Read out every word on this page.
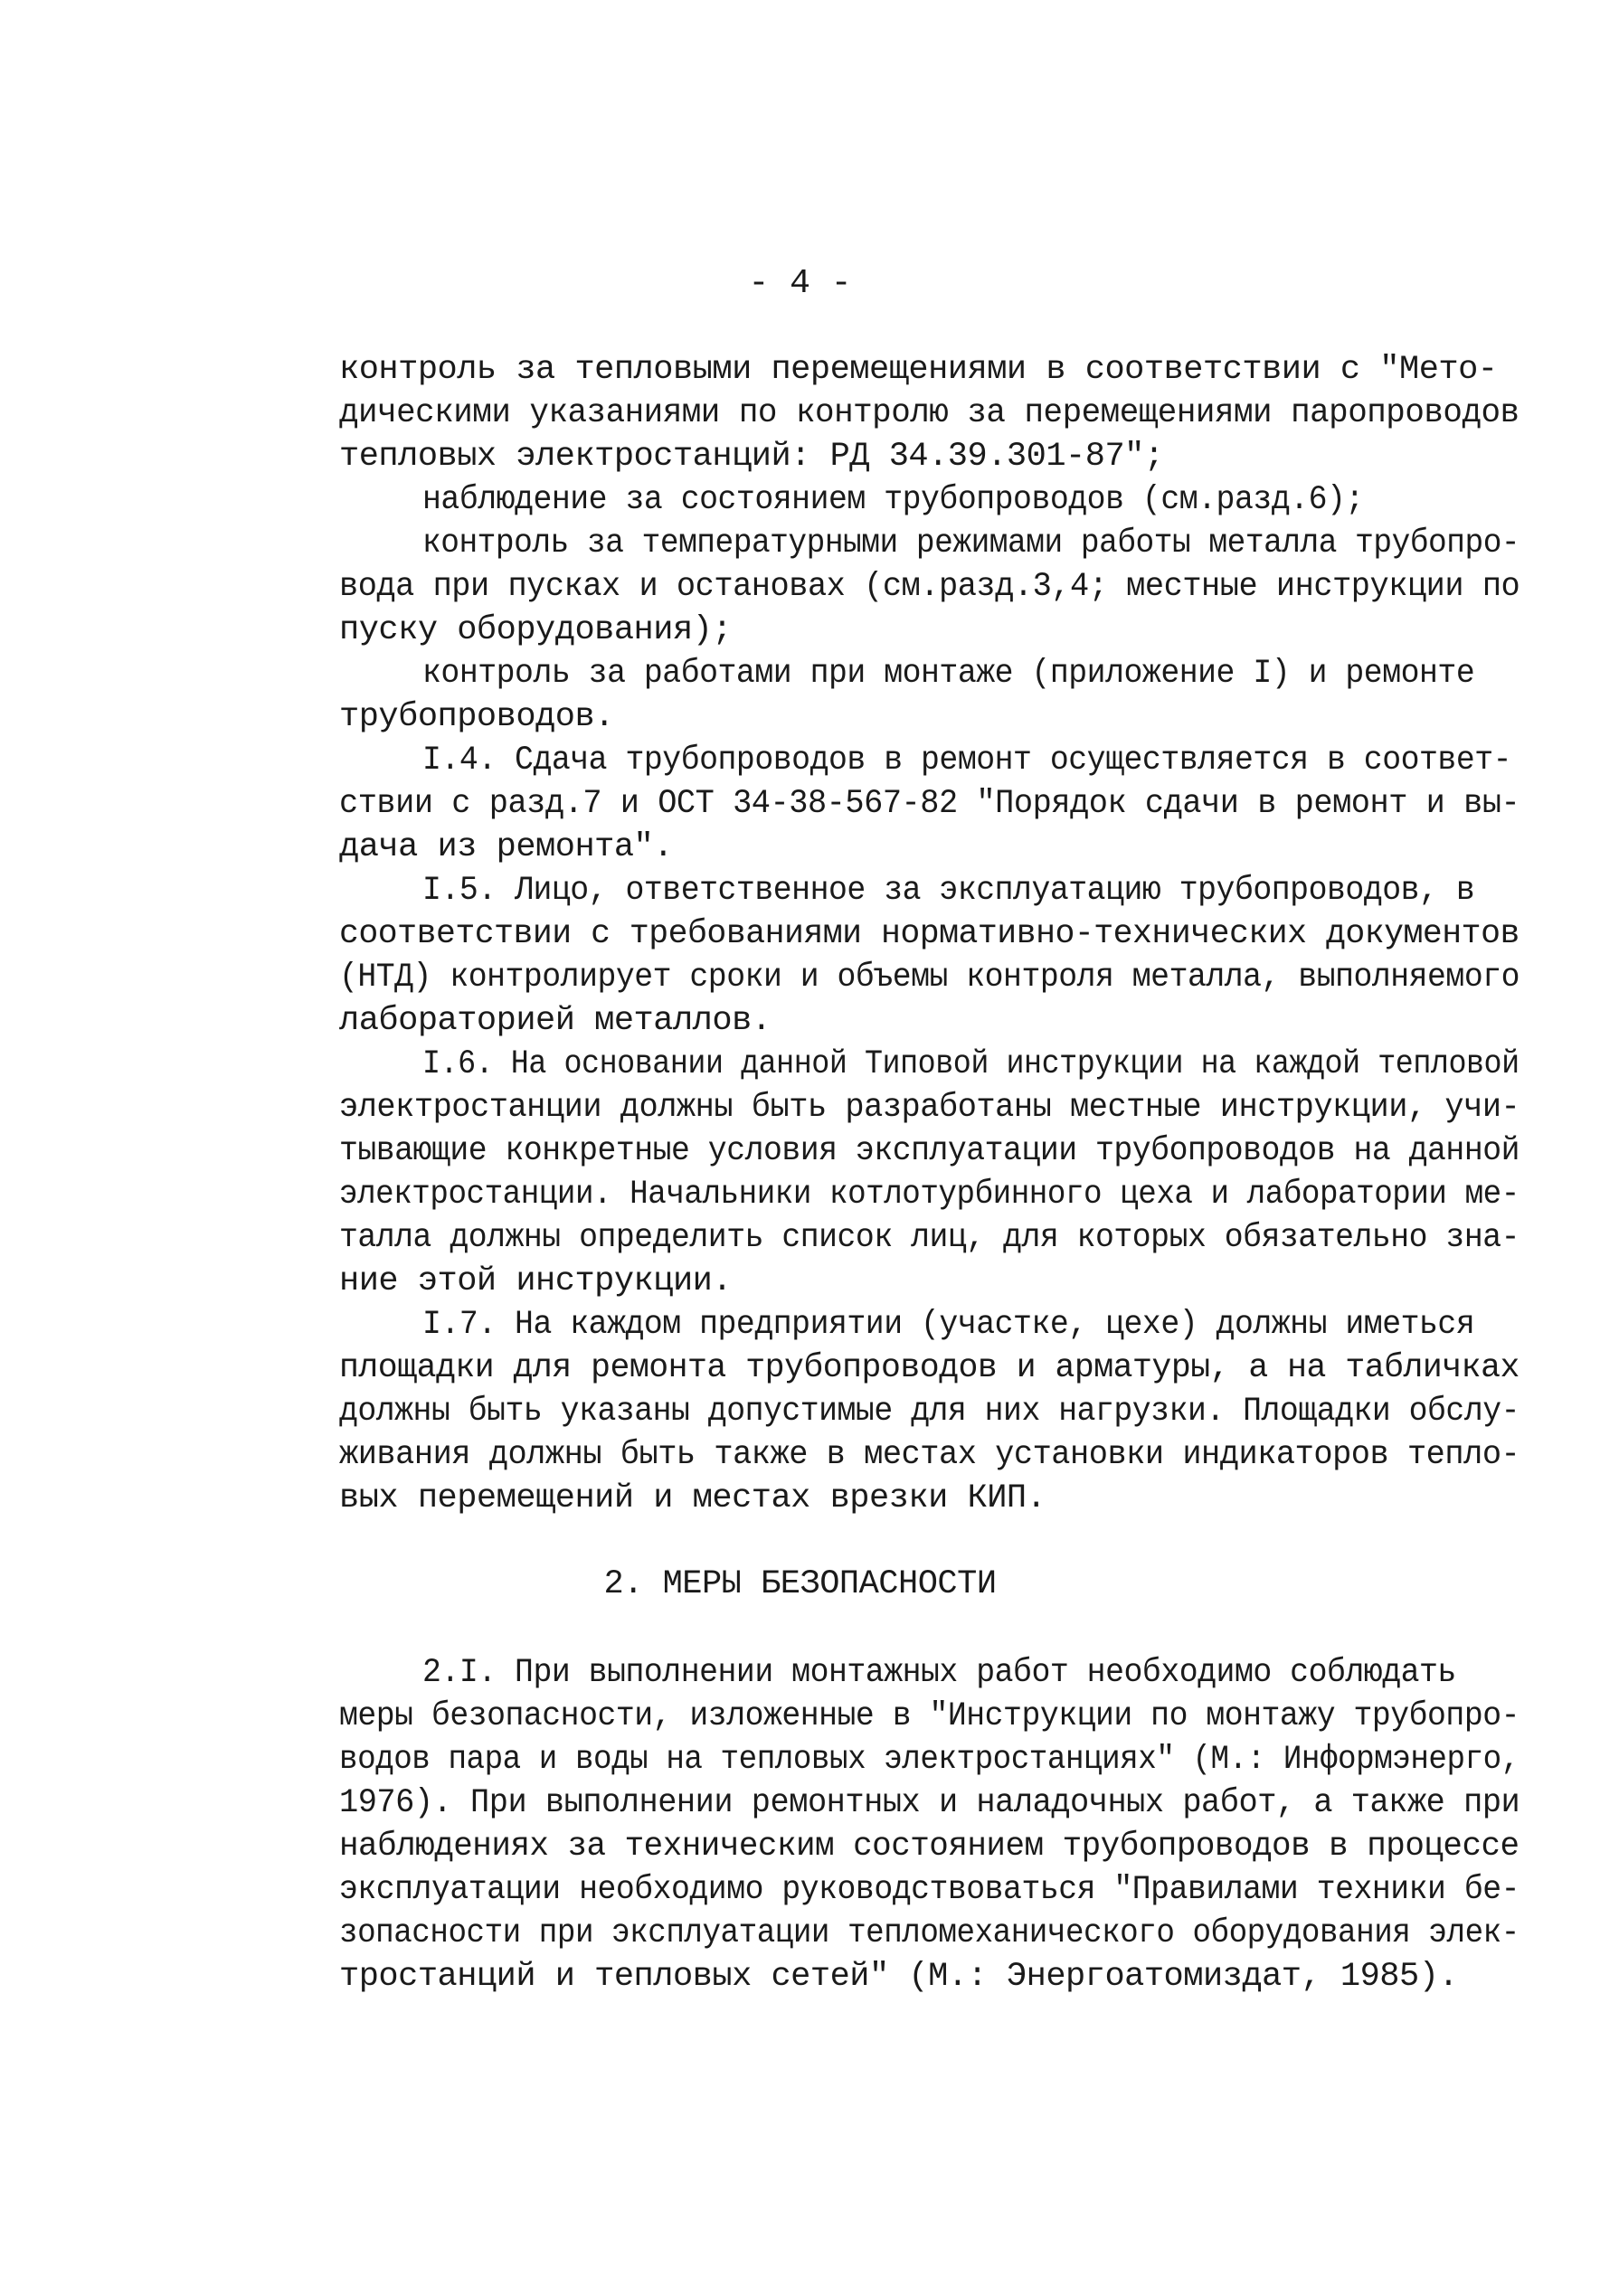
- 4 -
контроль за тепловыми перемещениями в соответствии с "Мето-
дическими указаниями по контролю за перемещениями паропроводов
тепловых электростанций: РД 34.39.301-87";
наблюдение за состоянием трубопроводов (см.разд.6);
контроль за температурными режимами работы металла трубопро-
вода при пусках и остановах (см.разд.3,4; местные инструкции по
пуску оборудования);
контроль за работами при монтаже (приложение I) и ремонте
трубопроводов.
I.4. Сдача трубопроводов в ремонт осуществляется в соответ-
ствии с разд.7 и ОСТ 34-38-567-82 "Порядок сдачи в ремонт и вы-
дача из ремонта".
I.5. Лицо, ответственное за эксплуатацию трубопроводов, в
соответствии с требованиями нормативно-технических документов
(НТД) контролирует сроки и объемы контроля металла, выполняемого
лабораторией металлов.
I.6. На основании данной Типовой инструкции на каждой тепловой
электростанции должны быть разработаны местные инструкции, учи-
тывающие конкретные условия эксплуатации трубопроводов на данной
электростанции. Начальники котлотурбинного цеха и лаборатории ме-
талла должны определить список лиц, для которых обязательно зна-
ние этой инструкции.
I.7. На каждом предприятии (участке, цехе) должны иметься
площадки для ремонта трубопроводов и арматуры, а на табличках
должны быть указаны допустимые для них нагрузки. Площадки обслу-
живания должны быть также в местах установки индикаторов тепло-
вых перемещений и местах врезки КИП.
2. МЕРЫ БЕЗОПАСНОСТИ
2.I. При выполнении монтажных работ необходимо соблюдать
меры безопасности, изложенные в "Инструкции по монтажу трубопро-
водов пара и воды на тепловых электростанциях" (М.: Информэнерго,
1976). При выполнении ремонтных и наладочных работ, а также при
наблюдениях за техническим состоянием трубопроводов в процессе
эксплуатации необходимо руководствоваться "Правилами техники бе-
зопасности при эксплуатации тепломеханического оборудования элек-
тростанций и тепловых сетей" (М.: Энергоатомиздат, 1985).
